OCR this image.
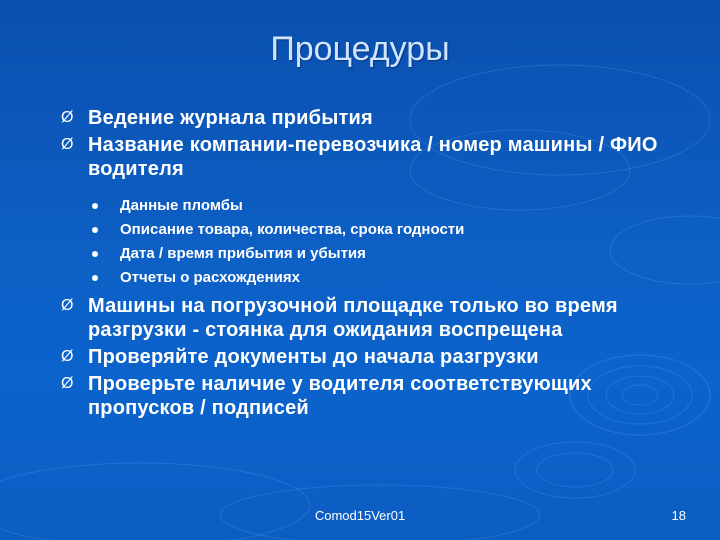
Процедуры
Ø Ведение журнала прибытия
Ø Название компании-перевозчика / номер машины / ФИО водителя
Данные пломбы
Описание товара, количества, срока годности
Дата / время прибытия и убытия
Отчеты о расхождениях
Ø Машины на погрузочной площадке только во время разгрузки - стоянка для ожидания воспрещена
Ø Проверяйте документы до начала разгрузки
Ø Проверьте наличие у водителя соответствующих пропусков / подписей
Comod15Ver01	18
